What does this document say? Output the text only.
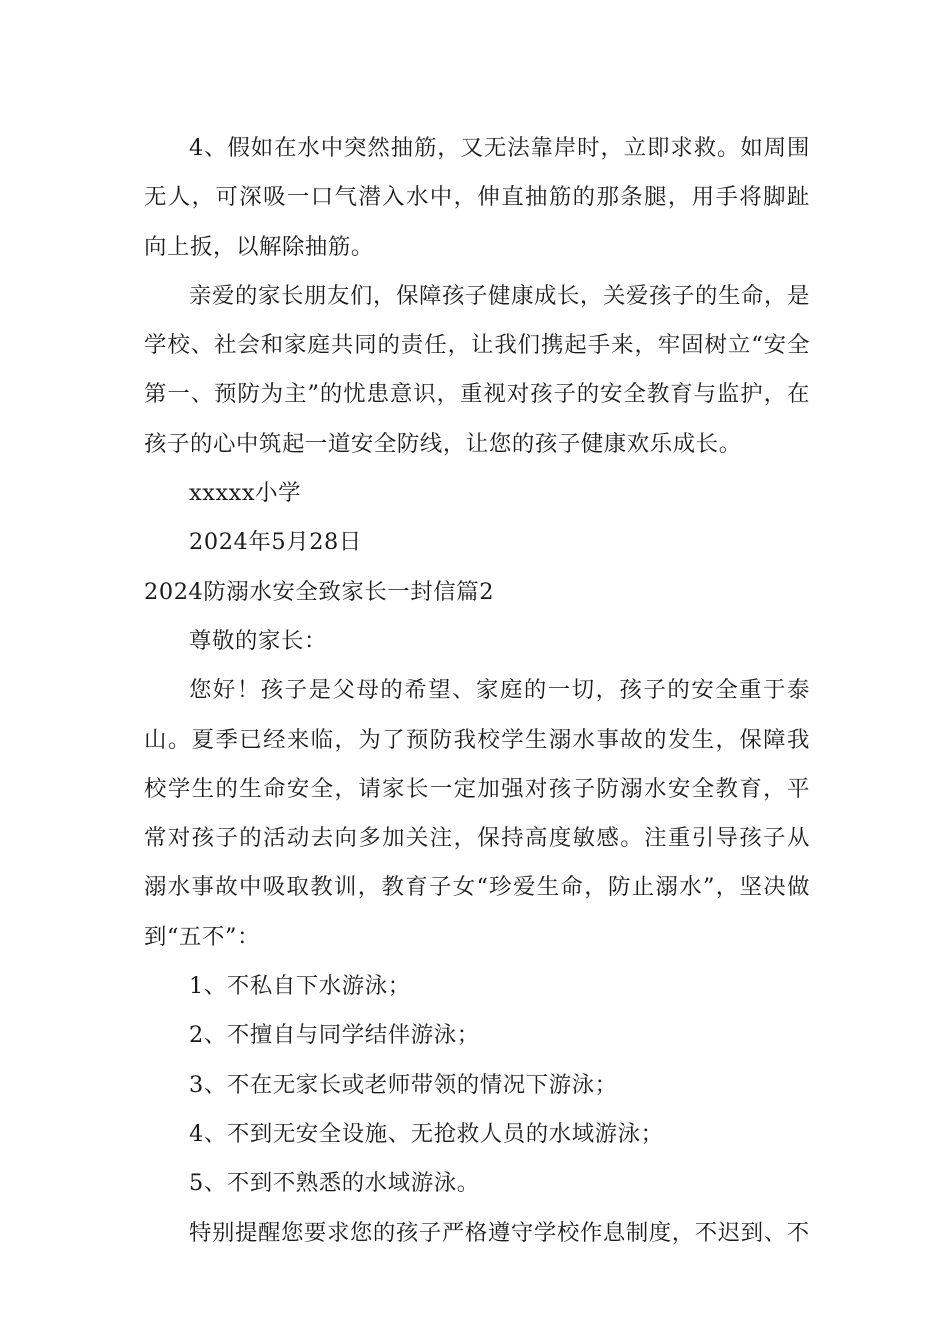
4、假如在水中突然抽筋，又无法靠岸时，立即求救。如周围无人，可深吸一口气潜入水中，伸直抽筋的那条腿，用手将脚趾向上扳，以解除抽筋。

亲爱的家长朋友们，保障孩子健康成长，关爱孩子的生命，是学校、社会和家庭共同的责任，让我们携起手来，牢固树立“安全第一、预防为主”的忧患意识，重视对孩子的安全教育与监护，在孩子的心中筑起一道安全防线，让您的孩子健康欢乐成长。

xxxxx小学

2024年5月28日

2024防溺水安全致家长一封信篇2

尊敬的家长：

您好！孩子是父母的希望、家庭的一切，孩子的安全重于泰山。夏季已经来临，为了预防我校学生溺水事故的发生，保障我校学生的生命安全，请家长一定加强对孩子防溺水安全教育，平常对孩子的活动去向多加关注，保持高度敏感。注重引导孩子从溺水事故中吸取教训，教育子女“珍爱生命，防止溺水”，坚决做到“五不”：

1、不私自下水游泳；

2、不擅自与同学结伴游泳；

3、不在无家长或老师带领的情况下游泳；

4、不到无安全设施、无抢救人员的水域游泳；

5、不到不熟悉的水域游泳。

特别提醒您要求您的孩子严格遵守学校作息制度，不迟到、不
